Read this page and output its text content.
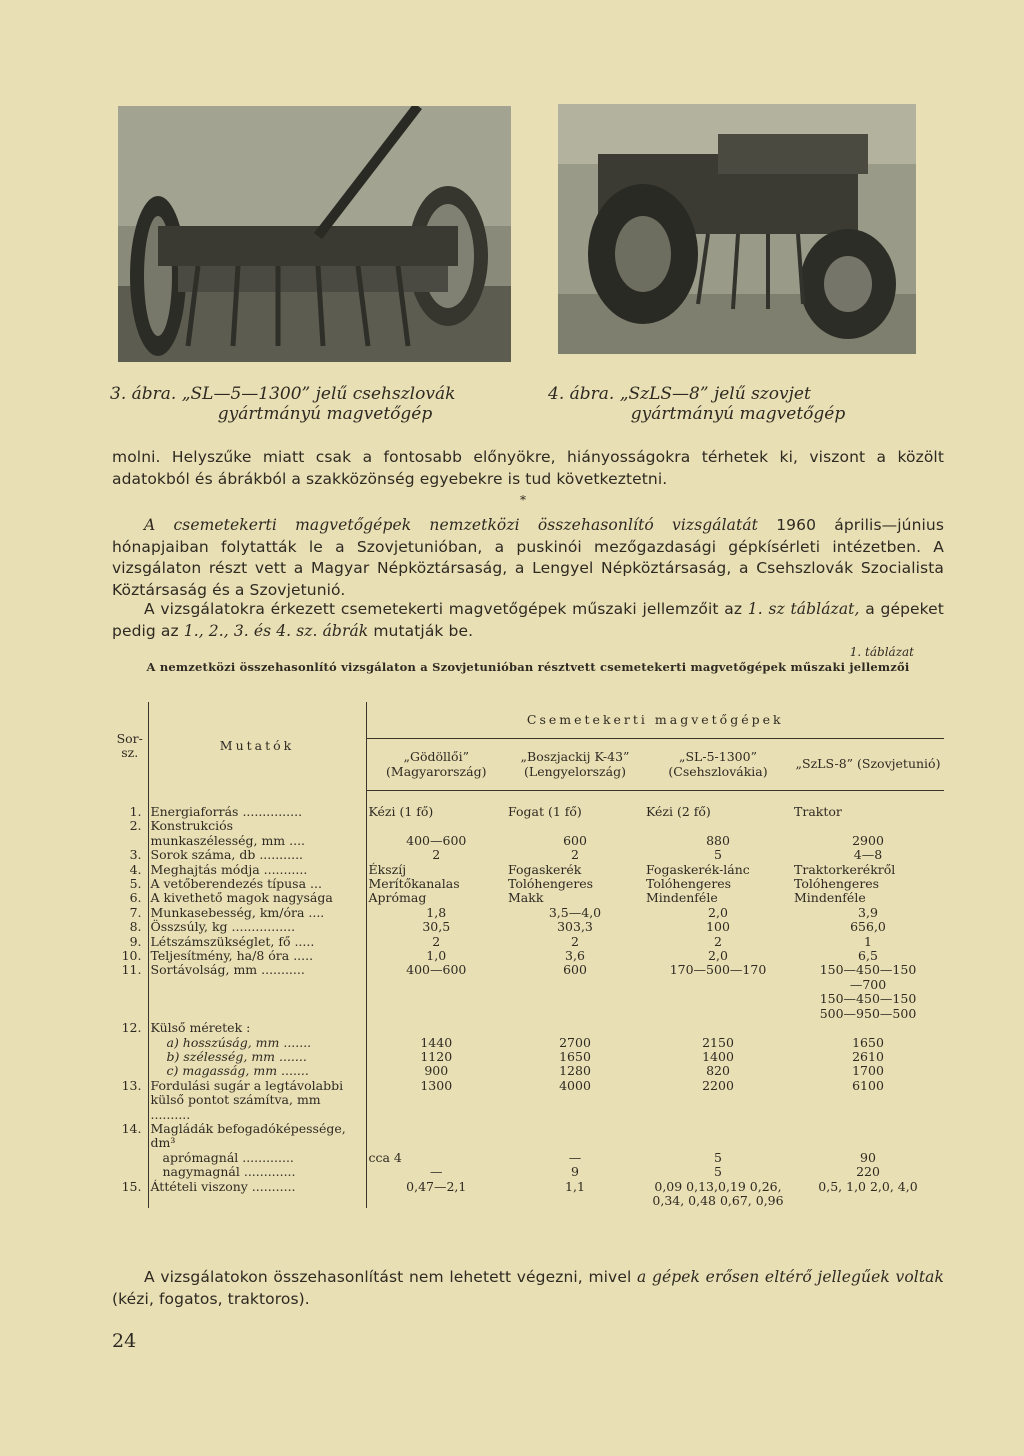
3. ábra. „SL—5—1300” jelű csehszlovák
gyártmányú magvetőgép
4. ábra. „SzLS—8” jelű szovjet
gyártmányú magvetőgép
molni. Helyszűke miatt csak a fontosabb előnyökre, hiányosságokra térhetek ki, viszont a közölt adatokból és ábrákból a szakközönség egyebekre is tud következtetni.
*
A csemetekerti magvetőgépek nemzetközi összehasonlító vizsgálatát 1960 április—június hónapjaiban folytatták le a Szovjetunióban, a puskinói mezőgazdasági gépkísérleti intézetben. A vizsgálaton részt vett a Magyar Népköztársaság, a Lengyel Népköztársaság, a Csehszlovák Szocialista Köztársaság és a Szovjetunió.
A vizsgálatokra érkezett csemetekerti magvetőgépek műszaki jellemzőit az 1. sz táblázat, a gépeket pedig az 1., 2., 3. és 4. sz. ábrák mutatják be.
1. táblázat
A nemzetközi összehasonlító vizsgálaton a Szovjetunióban résztvett csemetekerti magvetőgépek műszaki jellemzői
Sor-sz.	Mutatók	Csemetekerti magvetőgépek			
		„Gödöllői” (Magyarország)	„Boszjackij K-43” (Lengyelország)	„SL-5-1300” (Csehszlovákia)	„SzLS-8” (Szovjetunió)

1.	Energiaforrás ...............	Kézi (1 fő)	Fogat (1 fő)	Kézi (2 fő)	Traktor
2.	Konstrukciós				
	munkaszélesség, mm ....	400—600	600	880	2900
3.	Sorok száma, db ...........	2	2	5	4—8
4.	Meghajtás módja ...........	Ékszíj	Fogaskerék	Fogaskerék-lánc	Traktorkerékről
5.	A vetőberendezés típusa ...	Merítőkanalas	Tolóhengeres	Tolóhengeres	Tolóhengeres
6.	A kivethető magok nagysága	Aprómag	Makk	Mindenféle	Mindenféle
7.	Munkasebesség, km/óra ....	1,8	3,5—4,0	2,0	3,9
8.	Összsúly, kg ................	30,5	303,3	100	656,0
9.	Létszámszükséglet, fő .....	2	2	2	1
10.	Teljesítmény, ha/8 óra .....	1,0	3,6	2,0	6,5
11.	Sortávolság, mm ...........	400—600	600	170—500—170	150—450—150
					—700
					150—450—150
					500—950—500
12.	Külső méretek :				
	a) hosszúság, mm .......	1440	2700	2150	1650
	b) szélesség, mm .......	1120	1650	1400	2610
	c) magasság, mm .......	900	1280	820	1700
13.	Fordulási sugár a legtávolabbi külső pontot számítva, mm ..........	1300	4000	2200	6100
14.	Magládák befogadóképessége, dm³				
	aprómagnál .............	cca 4	—	5	90
	nagymagnál .............	—	9	5	220
15.	Áttételi viszony ...........	0,47—2,1	1,1	0,09 0,13,0,19 0,26, 0,34, 0,48 0,67, 0,96	0,5, 1,0 2,0, 4,0
A vizsgálatokon összehasonlítást nem lehetett végezni, mivel a gépek erősen eltérő jellegűek voltak (kézi, fogatos, traktoros).
24
